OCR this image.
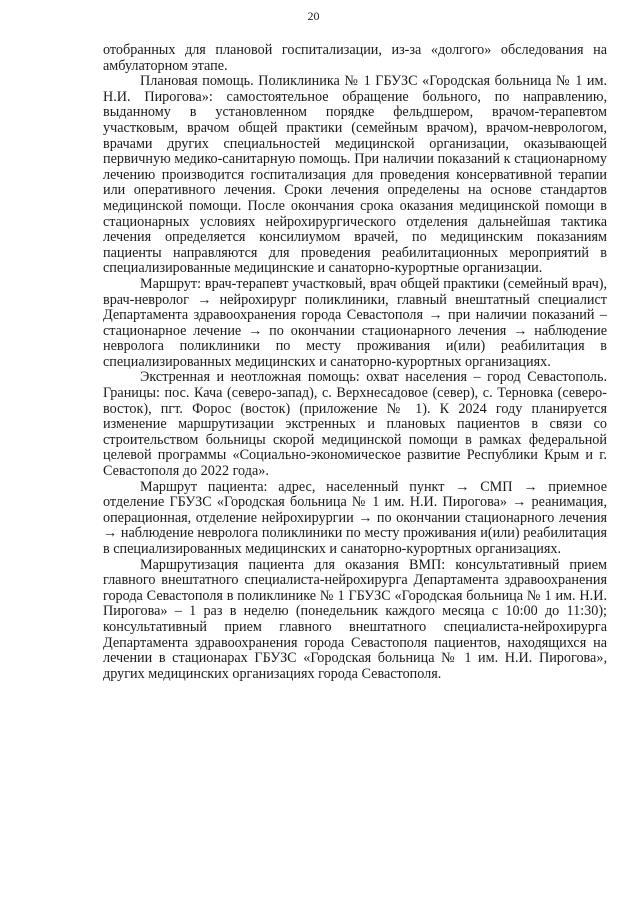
20

отобранных для плановой госпитализации, из-за «долгого» обследования на амбулаторном этапе.

Плановая помощь. Поликлиника № 1 ГБУЗС «Городская больница № 1 им. Н.И. Пирогова»: самостоятельное обращение больного, по направлению, выданному в установленном порядке фельдшером, врачом-терапевтом участковым, врачом общей практики (семейным врачом), врачом-неврологом, врачами других специальностей медицинской организации, оказывающей первичную медико-санитарную помощь. При наличии показаний к стационарному лечению производится госпитализация для проведения консервативной терапии или оперативного лечения. Сроки лечения определены на основе стандартов медицинской помощи. После окончания срока оказания медицинской помощи в стационарных условиях нейрохирургического отделения дальнейшая тактика лечения определяется консилиумом врачей, по медицинским показаниям пациенты направляются для проведения реабилитационных мероприятий в специализированные медицинские и санаторно-курортные организации.

Маршрут: врач-терапевт участковый, врач общей практики (семейный врач), врач-невролог → нейрохирург поликлиники, главный внештатный специалист Департамента здравоохранения города Севастополя → при наличии показаний – стационарное лечение → по окончании стационарного лечения → наблюдение невролога поликлиники по месту проживания и(или) реабилитация в специализированных медицинских и санаторно-курортных организациях.

Экстренная и неотложная помощь: охват населения – город Севастополь. Границы: пос. Кача (северо-запад), с. Верхнесадовое (север), с. Терновка (северо-восток), пгт. Форос (восток) (приложение № 1). К 2024 году планируется изменение маршрутизации экстренных и плановых пациентов в связи со строительством больницы скорой медицинской помощи в рамках федеральной целевой программы «Социально-экономическое развитие Республики Крым и г. Севастополя до 2022 года».

Маршрут пациента: адрес, населенный пункт → СМП → приемное отделение ГБУЗС «Городская больница № 1 им. Н.И. Пирогова» → реанимация, операционная, отделение нейрохирургии → по окончании стационарного лечения → наблюдение невролога поликлиники по месту проживания и(или) реабилитация в специализированных медицинских и санаторно-курортных организациях.

Маршрутизация пациента для оказания ВМП: консультативный прием главного внештатного специалиста-нейрохирурга Департамента здравоохранения города Севастополя в поликлинике № 1 ГБУЗС «Городская больница № 1 им. Н.И. Пирогова» – 1 раз в неделю (понедельник каждого месяца с 10:00 до 11:30); консультативный прием главного внештатного специалиста-нейрохирурга Департамента здравоохранения города Севастополя пациентов, находящихся на лечении в стационарах ГБУЗС «Городская больница № 1 им. Н.И. Пирогова», других медицинских организациях города Севастополя.
